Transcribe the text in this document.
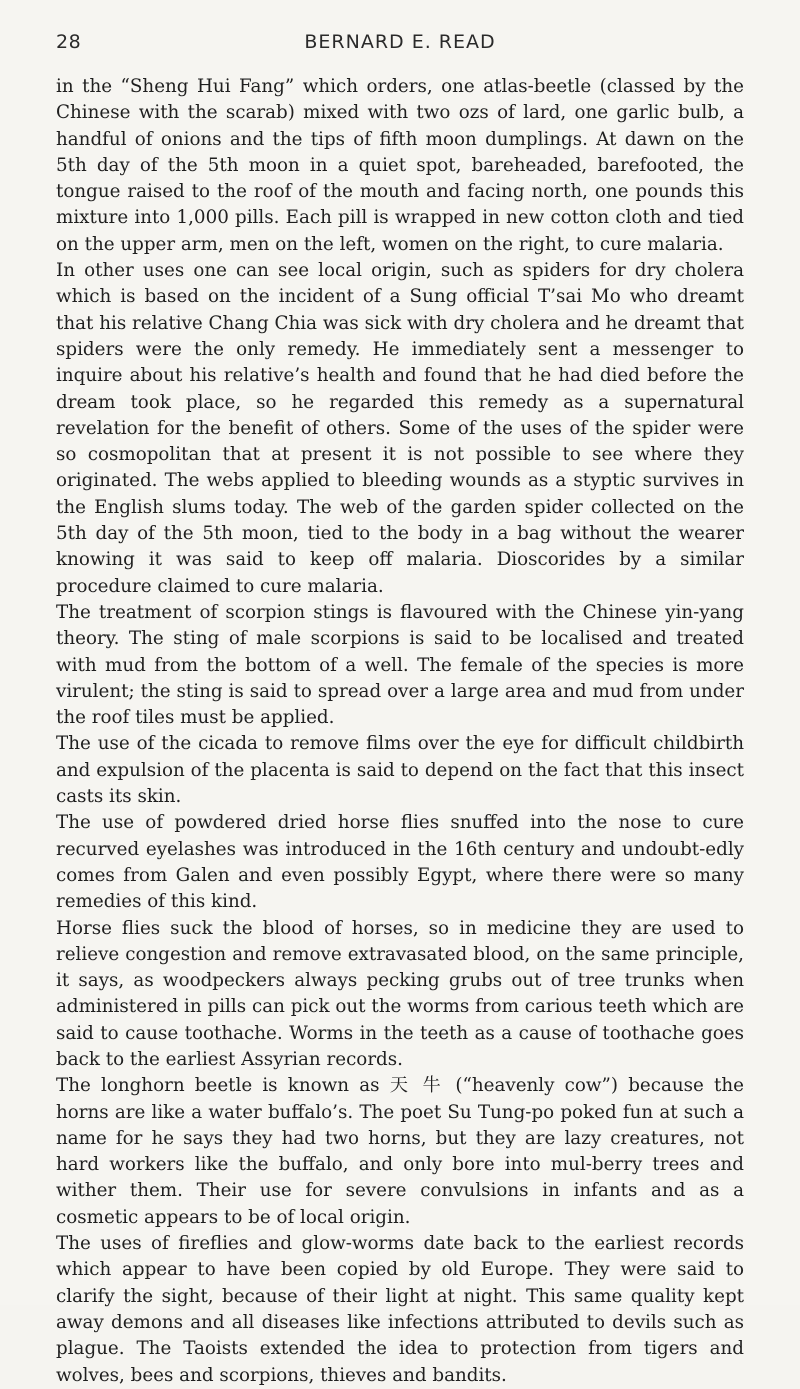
28	BERNARD E. READ

in the “Sheng Hui Fang” which orders, one atlas-beetle (classed by the Chinese with the scarab) mixed with two ozs of lard, one garlic bulb, a handful of onions and the tips of fifth moon dumplings. At dawn on the 5th day of the 5th moon in a quiet spot, bareheaded, barefooted, the tongue raised to the roof of the mouth and facing north, one pounds this mixture into 1,000 pills. Each pill is wrapped in new cotton cloth and tied on the upper arm, men on the left, women on the right, to cure malaria.

In other uses one can see local origin, such as spiders for dry cholera which is based on the incident of a Sung official T’sai Mo who dreamt that his relative Chang Chia was sick with dry cholera and he dreamt that spiders were the only remedy. He immediately sent a messenger to inquire about his relative’s health and found that he had died before the dream took place, so he regarded this remedy as a supernatural revelation for the benefit of others. Some of the uses of the spider were so cosmopolitan that at present it is not possible to see where they originated. The webs applied to bleeding wounds as a styptic survives in the English slums today. The web of the garden spider collected on the 5th day of the 5th moon, tied to the body in a bag without the wearer knowing it was said to keep off malaria. Dioscorides by a similar procedure claimed to cure malaria.

The treatment of scorpion stings is flavoured with the Chinese yin-yang theory. The sting of male scorpions is said to be localised and treated with mud from the bottom of a well. The female of the species is more virulent; the sting is said to spread over a large area and mud from under the roof tiles must be applied.

The use of the cicada to remove films over the eye for difficult childbirth and expulsion of the placenta is said to depend on the fact that this insect casts its skin.

The use of powdered dried horse flies snuffed into the nose to cure recurved eyelashes was introduced in the 16th century and undoubt-edly comes from Galen and even possibly Egypt, where there were so many remedies of this kind.

Horse flies suck the blood of horses, so in medicine they are used to relieve congestion and remove extravasated blood, on the same principle, it says, as woodpeckers always pecking grubs out of tree trunks when administered in pills can pick out the worms from carious teeth which are said to cause toothache. Worms in the teeth as a cause of toothache goes back to the earliest Assyrian records.

The longhorn beetle is known as 天 牛 (“heavenly cow”) because the horns are like a water buffalo’s. The poet Su Tung-po poked fun at such a name for he says they had two horns, but they are lazy creatures, not hard workers like the buffalo, and only bore into mul-berry trees and wither them. Their use for severe convulsions in infants and as a cosmetic appears to be of local origin.

The uses of fireflies and glow-worms date back to the earliest records which appear to have been copied by old Europe. They were said to clarify the sight, because of their light at night. This same quality kept away demons and all diseases like infections attributed to devils such as plague. The Taoists extended the idea to protection from tigers and wolves, bees and scorpions, thieves and bandits.
